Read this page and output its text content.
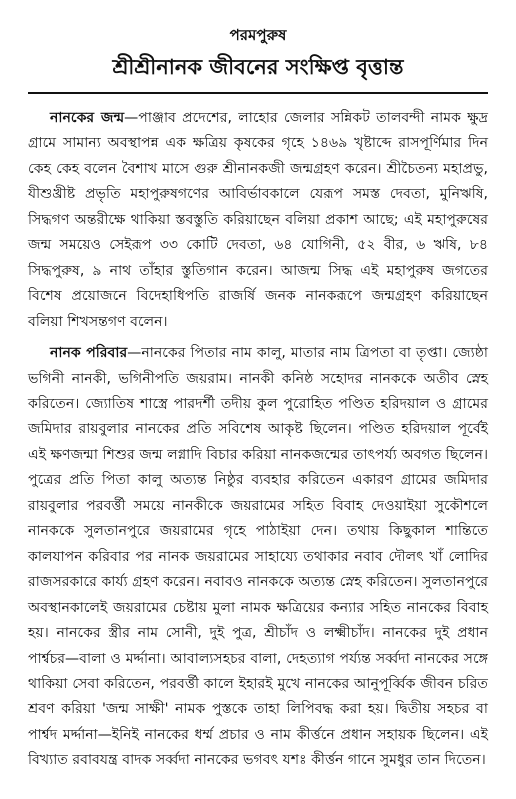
পরমপুরুষ

শ্রীশ্রীনানক জীবনের সংক্ষিপ্ত বৃত্তান্ত

নানকের জন্ম—পাঞ্জাব প্রদেশের, লাহোর জেলার সন্নিকট তালবন্দী নামক ক্ষুদ্র গ্রামে সামান্য অবস্থাপন্ন এক ক্ষত্রিয় কৃষকের গৃহে ১৪৬৯ খৃষ্টাব্দে রাসপূর্ণিমার দিন কেহ কেহ বলেন বৈশাখ মাসে গুরু শ্রীনানকজী জন্মগ্রহণ করেন। শ্রীচৈতন্য মহাপ্রভু, যীশুখ্রীষ্ট প্রভৃতি মহাপুরুষগণের আবির্ভাবকালে যেরূপ সমস্ত দেবতা, মুনিঋষি, সিদ্ধগণ অন্তরীক্ষে থাকিয়া স্তবস্তুতি করিয়াছেন বলিয়া প্রকাশ আছে; এই মহাপুরুষের জন্ম সময়েও সেইরূপ ৩৩ কোটি দেবতা, ৬৪ যোগিনী, ৫২ বীর, ৬ ঋষি, ৮৪ সিদ্ধপুরুষ, ৯ নাথ তাঁহার স্তুতিগান করেন। আজন্ম সিদ্ধ এই মহাপুরুষ জগতের বিশেষ প্রয়োজনে বিদেহাধিপতি রাজর্ষি জনক নানকরূপে জন্মগ্রহণ করিয়াছেন বলিয়া শিখসন্তগণ বলেন।

নানক পরিবার—নানকের পিতার নাম কালু, মাতার নাম ত্রিপতা বা তৃপ্তা। জ্যেষ্ঠা ভগিনী নানকী, ভগিনীপতি জয়রাম। নানকী কনিষ্ঠ সহোদর নানককে অতীব স্নেহ করিতেন। জ্যোতিষ শাস্ত্রে পারদর্শী তদীয় কুল পুরোহিত পণ্ডিত হরিদয়াল ও গ্রামের জমিদার রায়বুলার নানকের প্রতি সবিশেষ আকৃষ্ট ছিলেন। পণ্ডিত হরিদয়াল পূর্বেই এই ক্ষণজন্মা শিশুর জন্ম লগ্নাদি বিচার করিয়া নানকজন্মের তাৎপর্য্য অবগত ছিলেন। পুত্রের প্রতি পিতা কালু অত্যন্ত নিষ্ঠুর ব্যবহার করিতেন একারণ গ্রামের জমিদার রায়বুলার পরবর্ত্তী সময়ে নানকীকে জয়রামের সহিত বিবাহ দেওয়াইয়া সুকৌশলে নানককে সুলতানপুরে জয়রামের গৃহে পাঠাইয়া দেন। তথায় কিছুকাল শান্তিতে কালযাপন করিবার পর নানক জয়রামের সাহায্যে তথাকার নবাব দৌলৎ খাঁ লোদির রাজসরকারে কার্য্য গ্রহণ করেন। নবাবও নানককে অত্যন্ত স্নেহ করিতেন। সুলতানপুরে অবস্থানকালেই জয়রামের চেষ্টায় মুলা নামক ক্ষত্রিয়ের কন্যার সহিত নানকের বিবাহ হয়। নানকের স্ত্রীর নাম সোনী, দুই পুত্র, শ্রীচাঁদ ও লক্ষ্মীচাঁদ। নানকের দুই প্রধান পার্শ্বচর—বালা ও মর্দ্দানা। আবাল্যসহচর বালা, দেহত্যাগ পর্য্যন্ত সর্ব্বদা নানকের সঙ্গে থাকিয়া সেবা করিতেন, পরবর্ত্তী কালে ইহারই মুখে নানকের আনুপূর্ব্বিক জীবন চরিত শ্রবণ করিয়া 'জন্ম সাক্ষী' নামক পুস্তকে তাহা লিপিবদ্ধ করা হয়। দ্বিতীয় সহচর বা পার্শ্বদ মর্দ্দানা—ইনিই নানকের ধর্ম্ম প্রচার ও নাম কীর্ত্তনে প্রধান সহায়ক ছিলেন। এই বিখ্যাত রবাবযন্ত্র বাদক সর্ব্বদা নানকের ভগবৎ যশঃ কীর্ত্তন গানে সুমধুর তান দিতেন।
